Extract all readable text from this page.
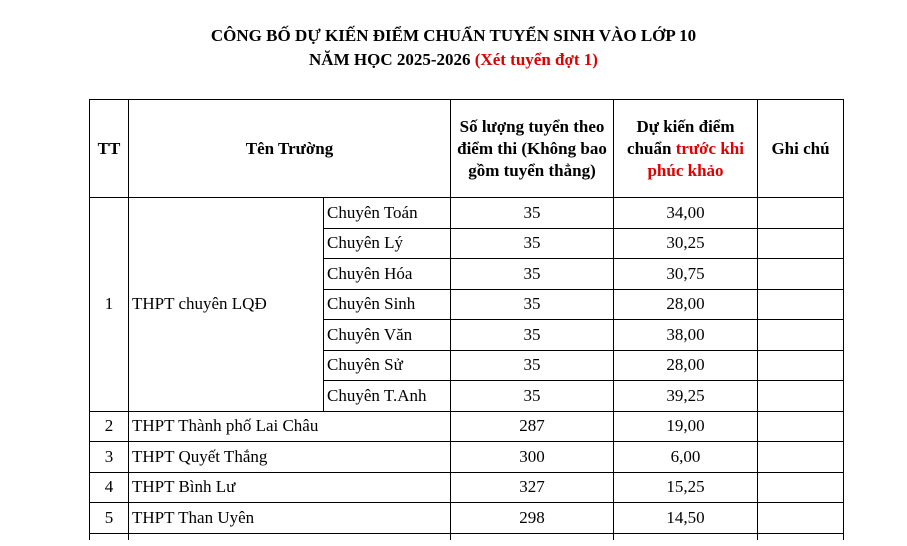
CÔNG BỐ DỰ KIẾN ĐIỂM CHUẨN TUYỂN SINH VÀO LỚP 10
NĂM HỌC 2025-2026 (Xét tuyển đợt 1)
TT	Tên Trường		Số lượng tuyển theo điểm thi (Không bao gồm tuyển thẳng)	Dự kiến điểm chuẩn trước khi phúc khảo	Ghi chú
1	THPT chuyên LQĐ	Chuyên Toán	35	34,00	
		Chuyên Lý	35	30,25	
		Chuyên Hóa	35	30,75	
		Chuyên Sinh	35	28,00	
		Chuyên Văn	35	38,00	
		Chuyên Sử	35	28,00	
		Chuyên T.Anh	35	39,25	
2	THPT Thành phố Lai Châu		287	19,00	
3	THPT Quyết Thắng		300	6,00	
4	THPT Bình Lư		327	15,25	
5	THPT Than Uyên		298	14,50	
